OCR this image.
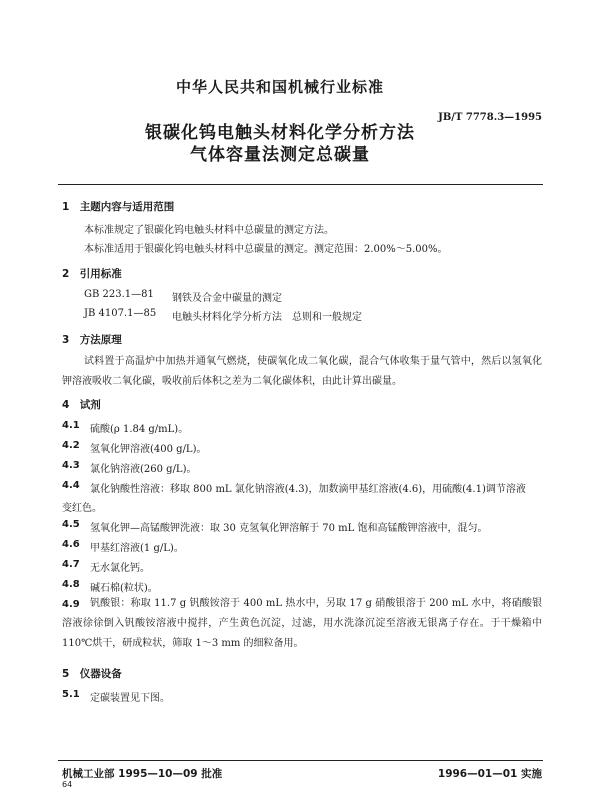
中华人民共和国机械行业标准
JB/T 7778.3—1995
银碳化钨电触头材料化学分析方法
气体容量法测定总碳量
1　主题内容与适用范围
本标准规定了银碳化钨电触头材料中总碳量的测定方法。
本标准适用于银碳化钨电触头材料中总碳量的测定。测定范围：2.00%～5.00%。
2　引用标准
GB 223.1—81 钢铁及合金中碳量的测定
JB 4107.1—85 电触头材料化学分析方法　总则和一般规定
3　方法原理
试料置于高温炉中加热并通氧气燃烧，使碳氧化成二氧化碳，混合气体收集于量气管中，然后以氢氧化钾溶液吸收二氧化碳，吸收前后体积之差为二氧化碳体积，由此计算出碳量。
4　试剂
4.1 硫酸(ρ 1.84 g/mL)。
4.2 氢氧化钾溶液(400 g/L)。
4.3 氯化钠溶液(260 g/L)。
4.4 氯化钠酸性溶液：移取 800 mL 氯化钠溶液(4.3)，加数滴甲基红溶液(4.6)，用硫酸(4.1)调节溶液
变红色。
4.5 氢氧化钾—高锰酸钾洗液：取 30 克氢氧化钾溶解于 70 mL 饱和高锰酸钾溶液中，混匀。
4.6 甲基红溶液(1 g/L)。
4.7 无水氯化钙。
4.8 碱石棉(粒状)。
4.9	钒酸银：称取 11.7 g 钒酸铵溶于 400 mL 热水中，另取 17 g 硝酸银溶于 200 mL 水中，将硝酸银溶液徐徐倒入钒酸铵溶液中搅拌，产生黄色沉淀，过滤，用水洗涤沉淀至溶液无银离子存在。于干燥箱中 110℃烘干，研成粒状，筛取 1～3 mm 的细粒备用。
5　仪器设备
5.1 定碳装置见下图。
机械工业部 1995—10—09 批准	1996—01—01 实施
64
